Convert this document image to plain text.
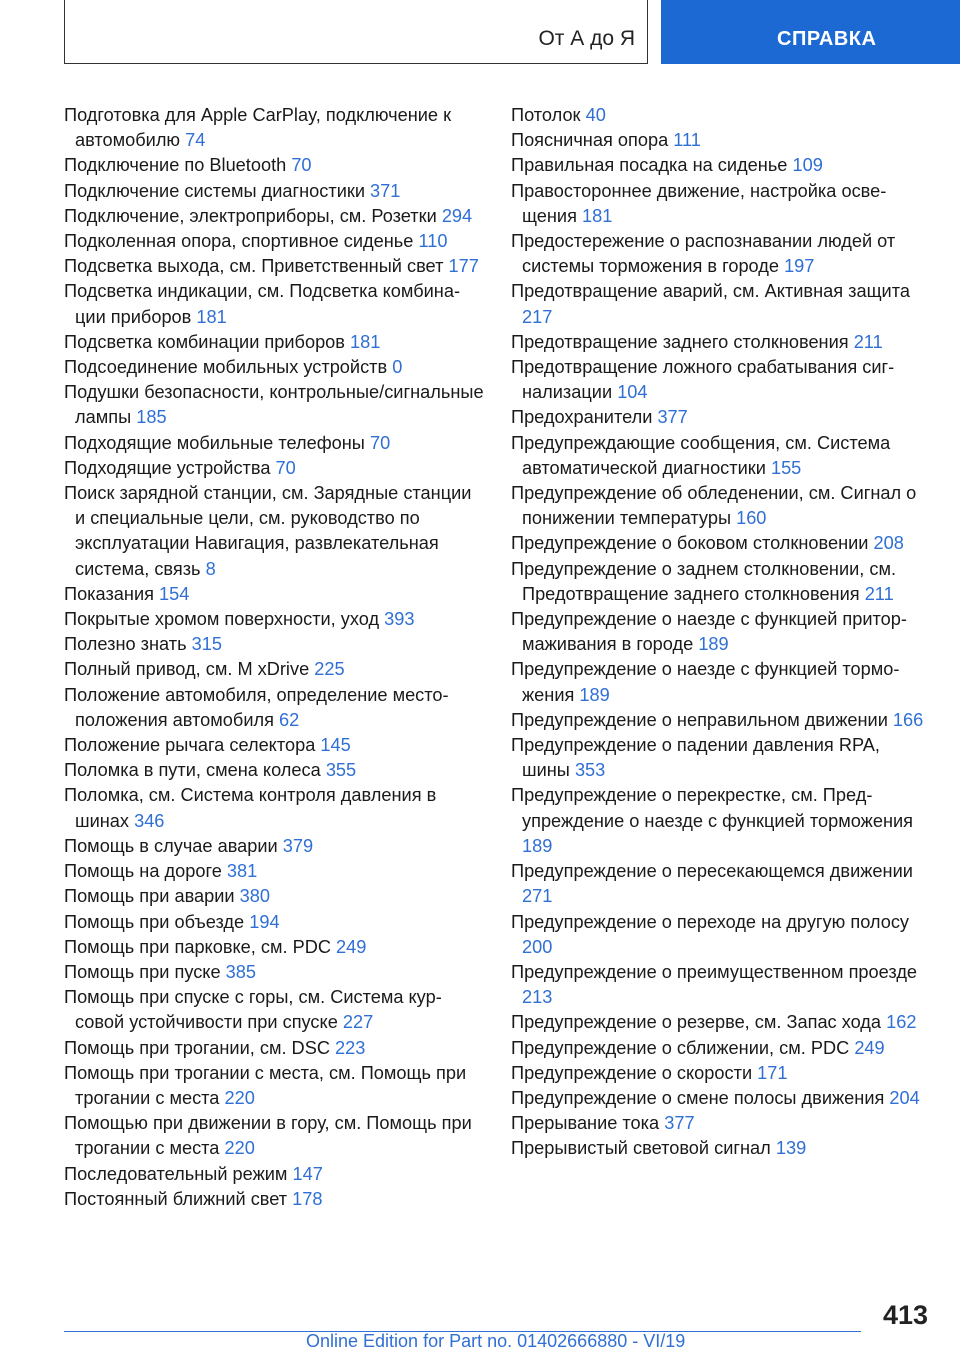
От А до Я	СПРАВКА

Подготовка для Apple CarPlay, подключение к автомобилю 74

Подключение по Bluetooth 70

Подключение системы диагностики 371

Подключение, электроприборы, см. Розетки 294

Подколенная опора, спортивное сиденье 110

Подсветка выхода, см. Приветственный свет 177

Подсветка индикации, см. Подсветка комбинации приборов 181

Подсветка комбинации приборов 181

Подсоединение мобильных устройств 0

Подушки безопасности, контрольные/сигнальные лампы 185

Подходящие мобильные телефоны 70

Подходящие устройства 70

Поиск зарядной станции, см. Зарядные станции и специальные цели, см. руководство по эксплуатации Навигация, развлекательная система, связь 8

Показания 154

Покрытые хромом поверхности, уход 393

Полезно знать 315

Полный привод, см. M xDrive 225

Положение автомобиля, определение местоположения автомобиля 62

Положение рычага селектора 145

Поломка в пути, смена колеса 355

Поломка, см. Система контроля давления в шинах 346

Помощь в случае аварии 379

Помощь на дороге 381

Помощь при аварии 380

Помощь при объезде 194

Помощь при парковке, см. PDC 249

Помощь при пуске 385

Помощь при спуске с горы, см. Система курсовой устойчивости при спуске 227

Помощь при трогании, см. DSC 223

Помощь при трогании с места, см. Помощь при трогании с места 220

Помощью при движении в гору, см. Помощь при трогании с места 220

Последовательный режим 147

Постоянный ближний свет 178

Потолок 40

Поясничная опора 111

Правильная посадка на сиденье 109

Правостороннее движение, настройка освещения 181

Предостережение о распознавании людей от системы торможения в городе 197

Предотвращение аварий, см. Активная защита 217

Предотвращение заднего столкновения 211

Предотвращение ложного срабатывания сигнализации 104

Предохранители 377

Предупреждающие сообщения, см. Система автоматической диагностики 155

Предупреждение об обледенении, см. Сигнал о понижении температуры 160

Предупреждение о боковом столкновении 208

Предупреждение о заднем столкновении, см. Предотвращение заднего столкновения 211

Предупреждение о наезде с функцией притормаживания в городе 189

Предупреждение о наезде с функцией торможения 189

Предупреждение о неправильном движении 166

Предупреждение о падении давления RPA, шины 353

Предупреждение о перекрестке, см. Предупреждение о наезде с функцией торможения 189

Предупреждение о пересекающемся движении 271

Предупреждение о переходе на другую полосу 200

Предупреждение о преимущественном проезде 213

Предупреждение о резерве, см. Запас хода 162

Предупреждение о сближении, см. PDC 249

Предупреждение о скорости 171

Предупреждение о смене полосы движения 204

Прерывание тока 377

Прерывистый световой сигнал 139

413
Online Edition for Part no. 01402666880 - VI/19
